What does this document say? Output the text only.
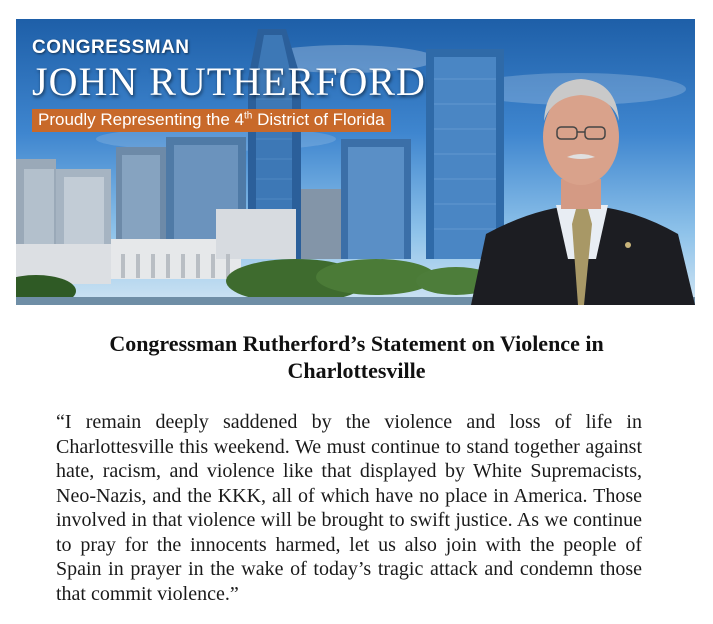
CONGRESSMAN

JOHN RUTHERFORD

Proudly Representing the 4th District of Florida
Congressman Rutherford’s Statement on Violence in Charlottesville

“I remain deeply saddened by the violence and loss of life in Charlottesville this weekend. We must continue to stand together against hate, racism, and violence like that displayed by White Supremacists, Neo-Nazis, and the KKK, all of which have no place in America. Those involved in that violence will be brought to swift justice. As we continue to pray for the innocents harmed, let us also join with the people of Spain in prayer in the wake of today’s tragic attack and condemn those that commit violence.”
